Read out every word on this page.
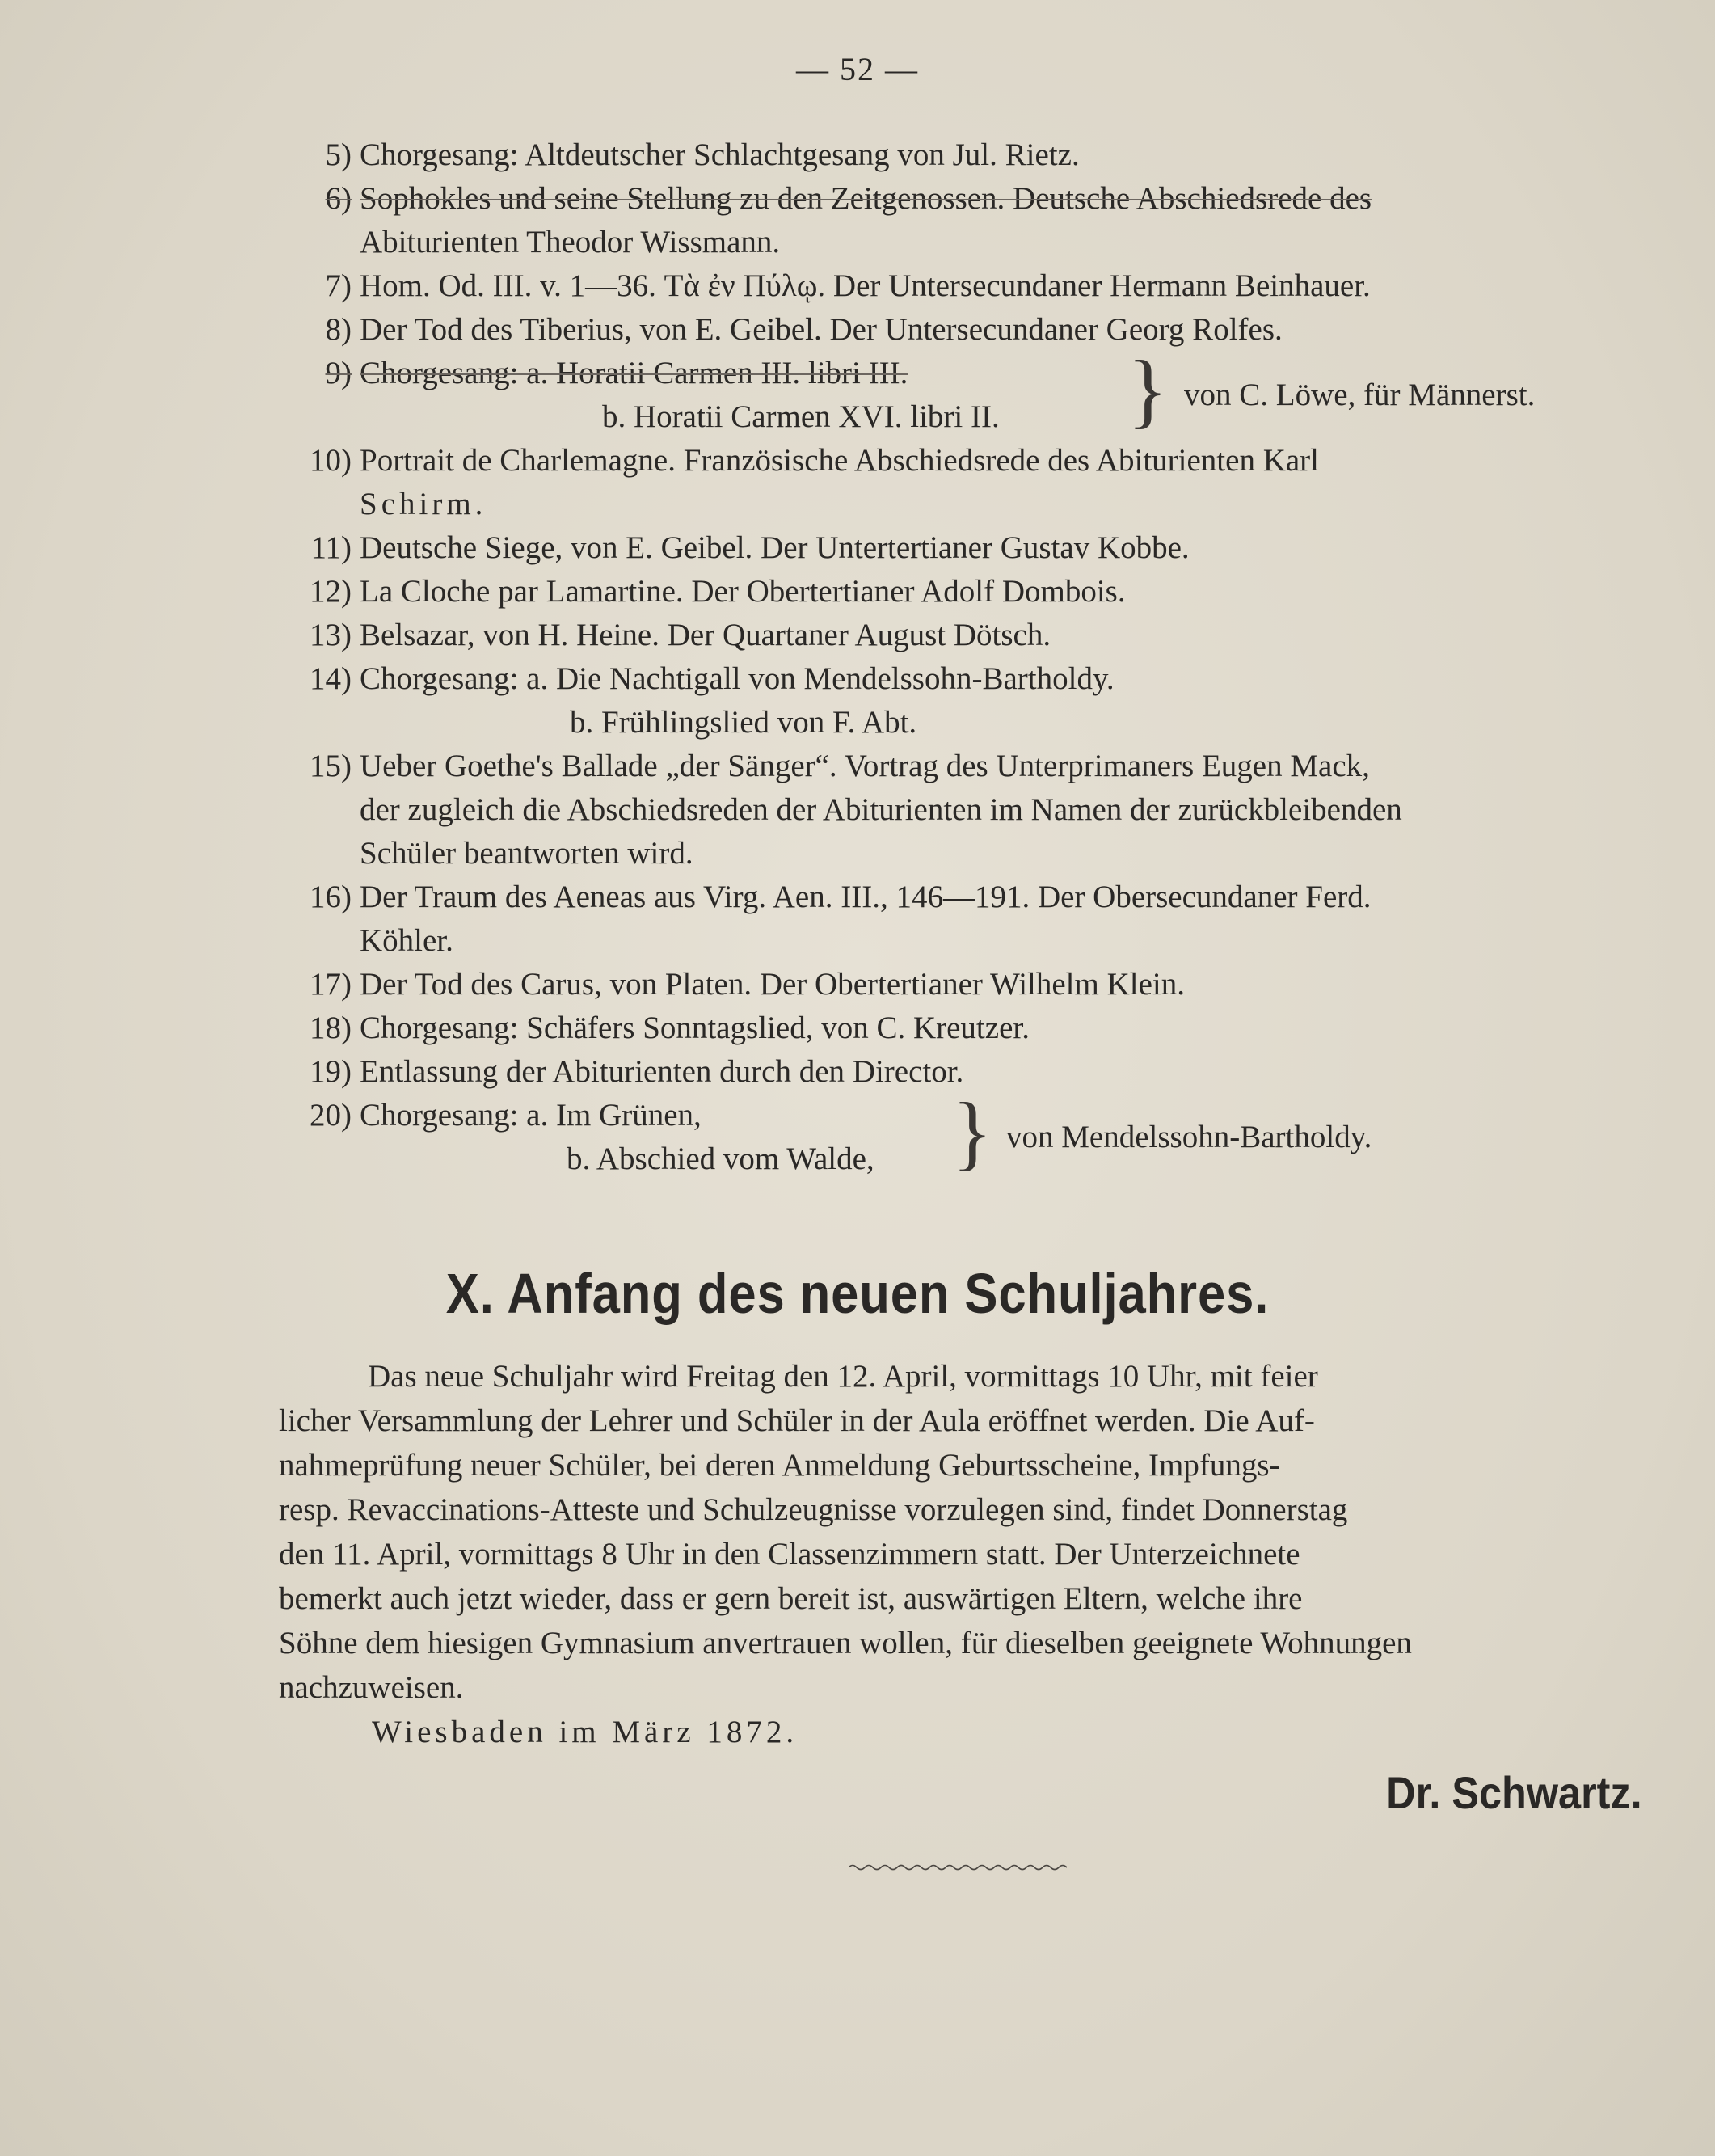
— 52 —
5) Chorgesang: Altdeutscher Schlachtgesang von Jul. Rietz.
6) Sophokles und seine Stellung zu den Zeitgenossen. Deutsche Abschiedsrede des
Abiturienten Theodor Wissmann.
7) Hom. Od. III. v. 1—36. Τὰ ἐν Πύλῳ. Der Untersecundaner Hermann Beinhauer.
8) Der Tod des Tiberius, von E. Geibel. Der Untersecundaner Georg Rolfes.
9) Chorgesang: a. Horatii Carmen III. libri III.
b. Horatii Carmen XVI. libri II.	} von C. Löwe, für Männerst.
10) Portrait de Charlemagne. Französische Abschiedsrede des Abiturienten Karl
Schirm.
11) Deutsche Siege, von E. Geibel. Der Untertertianer Gustav Kobbe.
12) La Cloche par Lamartine. Der Obertertianer Adolf Dombois.
13) Belsazar, von H. Heine. Der Quartaner August Dötsch.
14) Chorgesang: a. Die Nachtigall von Mendelssohn-Bartholdy.
b. Frühlingslied von F. Abt.
15) Ueber Goethe's Ballade „der Sänger“. Vortrag des Unterprimaners Eugen Mack,
der zugleich die Abschiedsreden der Abiturienten im Namen der zurückbleibenden
Schüler beantworten wird.
16) Der Traum des Aeneas aus Virg. Aen. III., 146—191. Der Obersecundaner Ferd.
Köhler.
17) Der Tod des Carus, von Platen. Der Obertertianer Wilhelm Klein.
18) Chorgesang: Schäfers Sonntagslied, von C. Kreutzer.
19) Entlassung der Abiturienten durch den Director.
20) Chorgesang: a. Im Grünen,
b. Abschied vom Walde, } von Mendelssohn-Bartholdy.
X. Anfang des neuen Schuljahres.
Das neue Schuljahr wird Freitag den 12. April, vormittags 10 Uhr, mit feier
licher Versammlung der Lehrer und Schüler in der Aula eröffnet werden. Die Auf-
nahmeprüfung neuer Schüler, bei deren Anmeldung Geburtsscheine, Impfungs-
resp. Revaccinations-Atteste und Schulzeugnisse vorzulegen sind, findet Donnerstag
den 11. April, vormittags 8 Uhr in den Classenzimmern statt. Der Unterzeichnete
bemerkt auch jetzt wieder, dass er gern bereit ist, auswärtigen Eltern, welche ihre
Söhne dem hiesigen Gymnasium anvertrauen wollen, für dieselben geeignete Wohnungen
nachzuweisen.
Wiesbaden im März 1872.
Dr. Schwartz.
